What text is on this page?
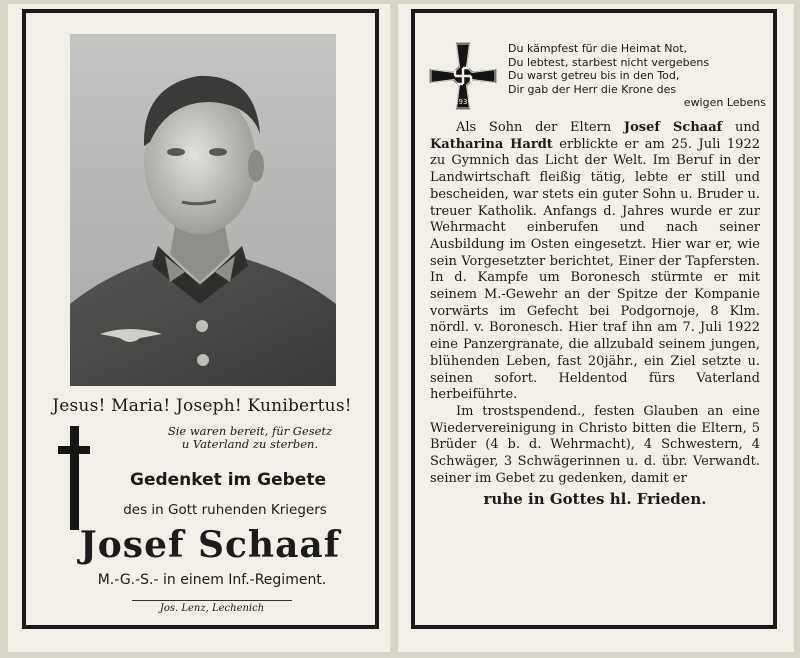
Jesus! Maria! Joseph! Kunibertus!
Sie waren bereit, für Gesetz
u Vaterland zu sterben.
Gedenket im Gebete
des in Gott ruhenden Kriegers
Josef Schaaf
M.-G.-S.- in einem Inf.-Regiment.
Jos. Lenz, Lechenich
1939
Du kämpfest für die Heimat Not,
Du lebtest, starbest nicht vergebens
Du warst getreu bis in den Tod,
Dir gab der Herr die Krone des
ewigen Lebens

Als Sohn der Eltern Josef Schaaf und Katharina Hardt erblickte er am 25. Juli 1922 zu Gymnich das Licht der Welt. Im Beruf in der Landwirtschaft fleißig tätig, lebte er still und bescheiden, war stets ein guter Sohn u. Bruder u. treuer Katholik. Anfangs d. Jahres wurde er zur Wehrmacht einberufen und nach seiner Ausbildung im Osten eingesetzt. Hier war er, wie sein Vorgesetzter berichtet, Einer der Tapfersten. In d. Kampfe um Boronesch stürmte er mit seinem M.-Gewehr an der Spitze der Kompanie vorwärts im Gefecht bei Podgornoje, 8 Klm. nördl. v. Boronesch. Hier traf ihn am 7. Juli 1922 eine Panzergranate, die allzubald seinem jungen, blühenden Leben, fast 20jähr., ein Ziel setzte u. seinen sofort. Heldentod fürs Vaterland herbeiführte.

Im trostspendend., festen Glauben an eine Wiedervereinigung in Christo bitten die Eltern, 5 Brüder (4 b. d. Wehrmacht), 4 Schwestern, 4 Schwäger, 3 Schwägerinnen u. d. übr. Verwandt. seiner im Gebet zu gedenken, damit er

ruhe in Gottes hl. Frieden.
